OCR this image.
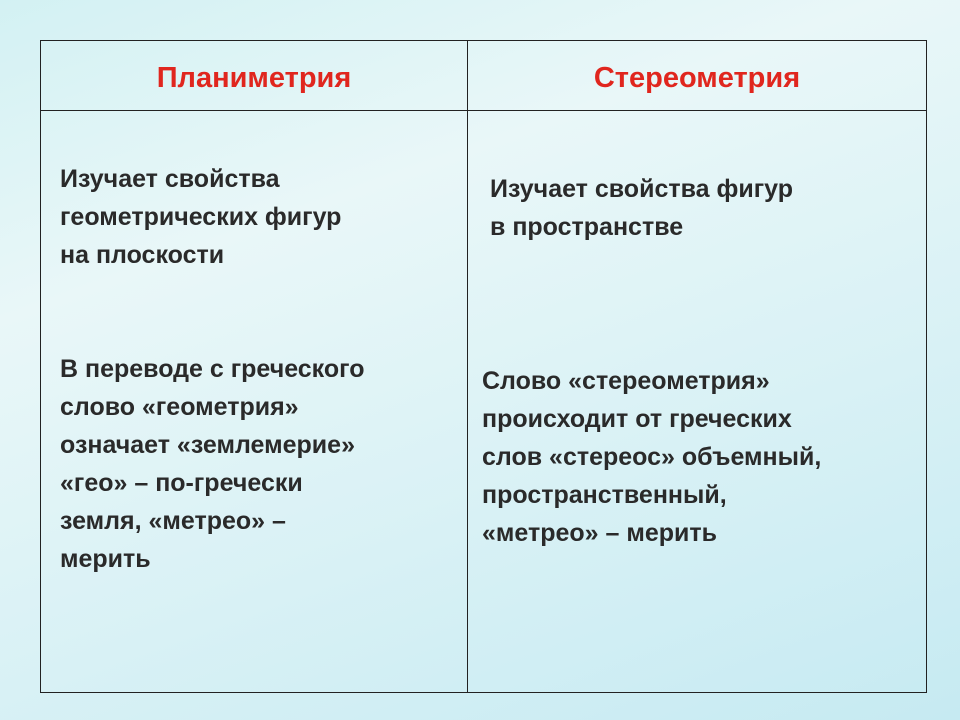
Планиметрия	Стереометрия
Изучает свойства
геометрических фигур
на плоскости
Изучает свойства фигур
в пространстве
В переводе с греческого
слово «геометрия»
означает «землемерие»
«гео» – по-гречески
земля, «метрео» –
мерить
Слово «стереометрия»
происходит от греческих
слов «стереос» объемный,
пространственный,
«метрео» – мерить
